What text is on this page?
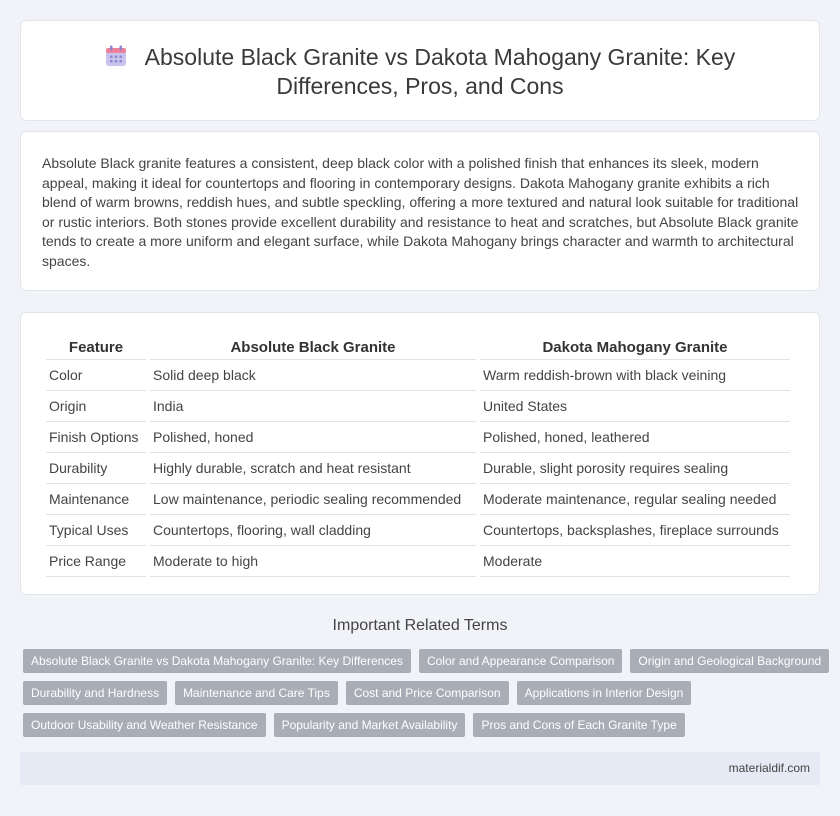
Absolute Black Granite vs Dakota Mahogany Granite: Key Differences, Pros, and Cons

Absolute Black granite features a consistent, deep black color with a polished finish that enhances its sleek, modern appeal, making it ideal for countertops and flooring in contemporary designs. Dakota Mahogany granite exhibits a rich blend of warm browns, reddish hues, and subtle speckling, offering a more textured and natural look suitable for traditional or rustic interiors. Both stones provide excellent durability and resistance to heat and scratches, but Absolute Black granite tends to create a more uniform and elegant surface, while Dakota Mahogany brings character and warmth to architectural spaces.

Feature	Absolute Black Granite	Dakota Mahogany Granite
Color	Solid deep black	Warm reddish-brown with black veining
Origin	India	United States
Finish Options	Polished, honed	Polished, honed, leathered
Durability	Highly durable, scratch and heat resistant	Durable, slight porosity requires sealing
Maintenance	Low maintenance, periodic sealing recommended	Moderate maintenance, regular sealing needed
Typical Uses	Countertops, flooring, wall cladding	Countertops, backsplashes, fireplace surrounds
Price Range	Moderate to high	Moderate
Important Related Terms
Absolute Black Granite vs Dakota Mahogany Granite: Key Differences	Color and Appearance Comparison	Origin and Geological Background
Durability and Hardness	Maintenance and Care Tips	Cost and Price Comparison	Applications in Interior Design
Outdoor Usability and Weather Resistance	Popularity and Market Availability	Pros and Cons of Each Granite Type
materialdif.com
